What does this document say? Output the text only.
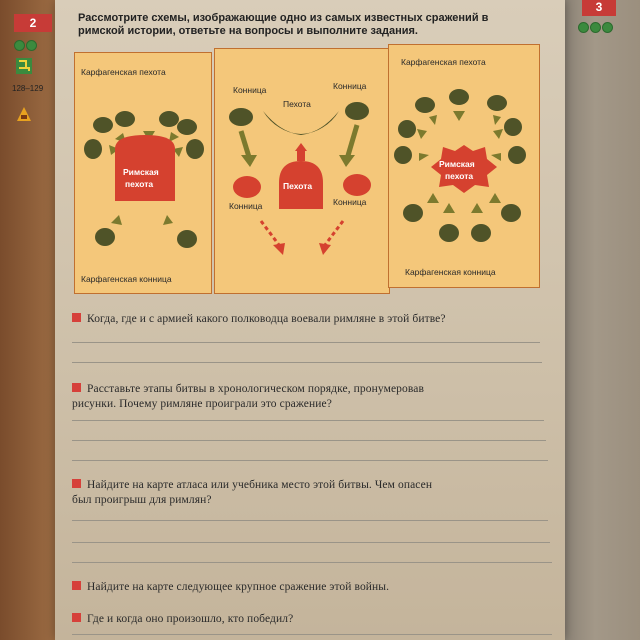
3
2
128–129
Рассмотрите схемы, изображающие одно из самых известных сражений в римской истории, ответьте на вопросы и выполните задания.
Карфагенская пехота
Римская
пехота
Карфагенская конница
Конница	Конница
Пехота
Пехота
Конница	Конница
Карфагенская пехота
Римская
пехота
Карфагенская конница
Когда, где и с армией какого полководца воевали римляне в этой битве?
Расставьте этапы битвы в хронологическом порядке, пронумеровав
рисунки. Почему римляне проиграли это сражение?
Найдите на карте атласа или учебника место этой битвы. Чем опасен
был проигрыш для римлян?
Найдите на карте следующее крупное сражение этой войны.
Где и когда оно произошло, кто победил?
